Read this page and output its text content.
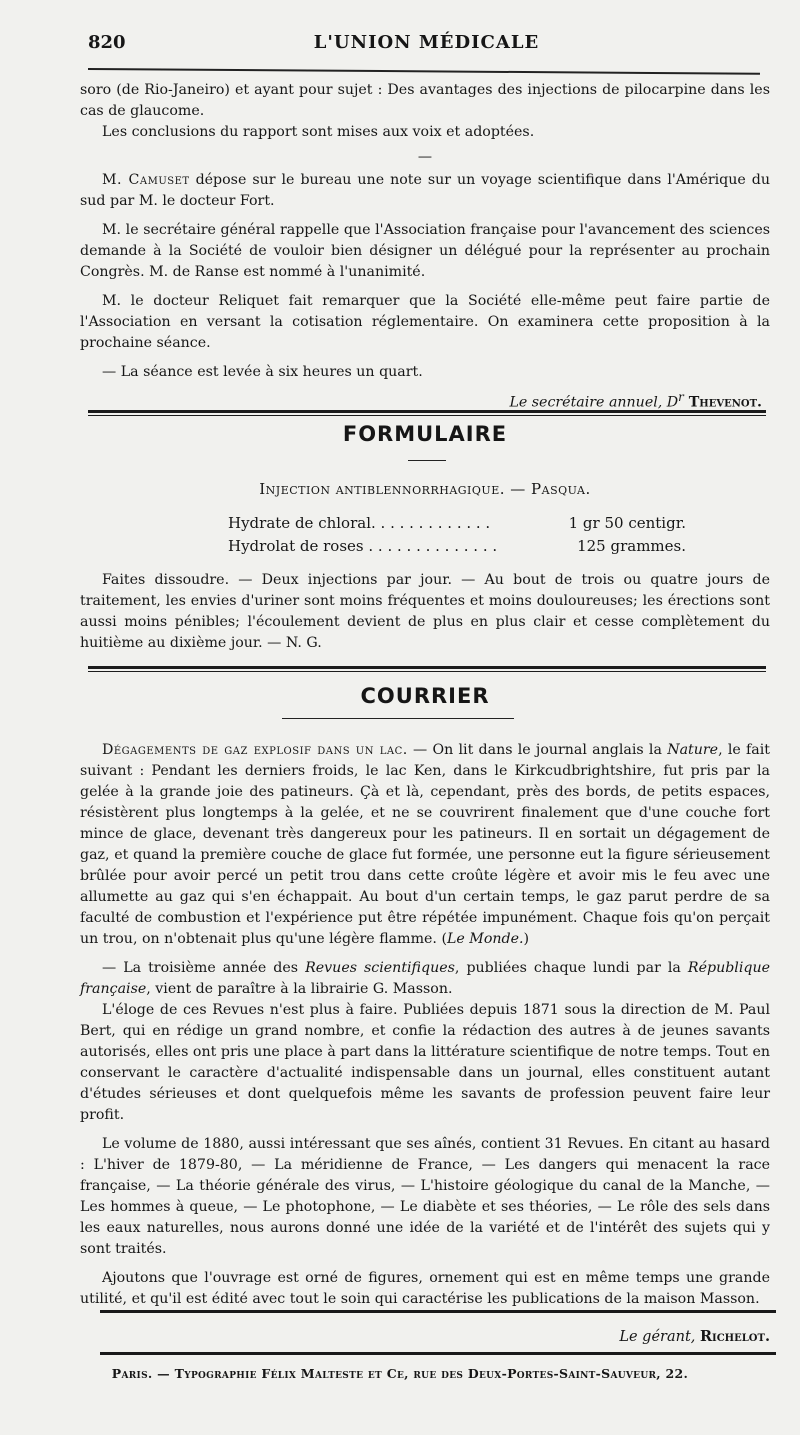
820	L'UNION MÉDICALE

soro (de Rio-Janeiro) et ayant pour sujet : Des avantages des injections de pilocarpine dans les cas de glaucome.

Les conclusions du rapport sont mises aux voix et adoptées.

—

M. Camuset dépose sur le bureau une note sur un voyage scientifique dans l'Amérique du sud par M. le docteur Fort.

M. le secrétaire général rappelle que l'Association française pour l'avancement des sciences demande à la Société de vouloir bien désigner un délégué pour la représenter au prochain Congrès. M. de Ranse est nommé à l'unanimité.

M. le docteur Reliquet fait remarquer que la Société elle-même peut faire partie de l'Association en versant la cotisation réglementaire. On examinera cette proposition à la prochaine séance.

— La séance est levée à six heures un quart.

Le secrétaire annuel, $D^r$ Thevenot.
FORMULAIRE
Injection antiblennorrhagique. — Pasqua.
Hydrate de chloral. . . . . . . . . . . . .	1 gr 50 centigr.
Hydrolat de roses . . . . . . . . . . . . . .	125 grammes.

Faites dissoudre. — Deux injections par jour. — Au bout de trois ou quatre jours de traitement, les envies d'uriner sont moins fréquentes et moins douloureuses; les érections sont aussi moins pénibles; l'écoulement devient de plus en plus clair et cesse complètement du huitième au dixième jour. — N. G.

COURRIER

Dégagements de gaz explosif dans un lac. — On lit dans le journal anglais la Nature, le fait suivant : Pendant les derniers froids, le lac Ken, dans le Kirkcudbrightshire, fut pris par la gelée à la grande joie des patineurs. Çà et là, cependant, près des bords, de petits espaces, résistèrent plus longtemps à la gelée, et ne se couvrirent finalement que d'une couche fort mince de glace, devenant très dangereux pour les patineurs. Il en sortait un dégagement de gaz, et quand la première couche de glace fut formée, une personne eut la figure sérieusement brûlée pour avoir percé un petit trou dans cette croûte légère et avoir mis le feu avec une allumette au gaz qui s'en échappait. Au bout d'un certain temps, le gaz parut perdre de sa faculté de combustion et l'expérience put être répétée impunément. Chaque fois qu'on perçait un trou, on n'obtenait plus qu'une légère flamme. (Le Monde.)

— La troisième année des Revues scientifiques, publiées chaque lundi par la République française, vient de paraître à la librairie G. Masson.

L'éloge de ces Revues n'est plus à faire. Publiées depuis 1871 sous la direction de M. Paul Bert, qui en rédige un grand nombre, et confie la rédaction des autres à de jeunes savants autorisés, elles ont pris une place à part dans la littérature scientifique de notre temps. Tout en conservant le caractère d'actualité indispensable dans un journal, elles constituent autant d'études sérieuses et dont quelquefois même les savants de profession peuvent faire leur profit.

Le volume de 1880, aussi intéressant que ses aînés, contient 31 Revues. En citant au hasard : L'hiver de 1879-80, — La méridienne de France, — Les dangers qui menacent la race française, — La théorie générale des virus, — L'histoire géologique du canal de la Manche, — Les hommes à queue, — Le photophone, — Le diabète et ses théories, — Le rôle des sels dans les eaux naturelles, nous aurons donné une idée de la variété et de l'intérêt des sujets qui y sont traités.

Ajoutons que l'ouvrage est orné de figures, ornement qui est en même temps une grande utilité, et qu'il est édité avec tout le soin qui caractérise les publications de la maison Masson.

Le gérant, Richelot.
Paris. — Typographie Félix Malteste et Ce, rue des Deux-Portes-Saint-Sauveur, 22.
